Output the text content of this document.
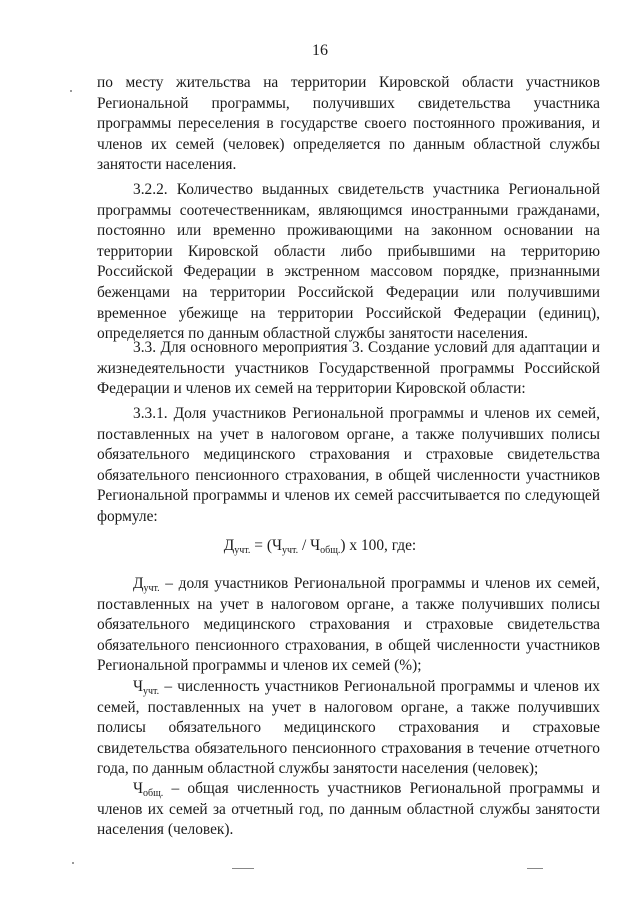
16
по месту жительства на территории Кировской области участников Региональной программы, получивших свидетельства участника программы переселения в государстве своего постоянного проживания, и членов их семей (человек) определяется по данным областной службы занятости населения.
3.2.2. Количество выданных свидетельств участника Региональной программы соотечественникам, являющимся иностранными гражданами, постоянно или временно проживающими на законном основании на территории Кировской области либо прибывшими на территорию Российской Федерации в экстренном массовом порядке, признанными беженцами на территории Российской Федерации или получившими временное убежище на территории Российской Федерации (единиц), определяется по данным областной службы занятости населения.
3.3. Для основного мероприятия 3. Создание условий для адаптации и жизнедеятельности участников Государственной программы Российской Федерации и членов их семей на территории Кировской области:
3.3.1. Доля участников Региональной программы и членов их семей, поставленных на учет в налоговом органе, а также получивших полисы обязательного медицинского страхования и страховые свидетельства обязательного пенсионного страхования, в общей численности участников Региональной программы и членов их семей рассчитывается по следующей формуле:
$Д_{учт.} = (Ч_{учт.} / Ч_{общ.})$ х 100, где:
$Д_{учт.}$ – доля участников Региональной программы и членов их семей, поставленных на учет в налоговом органе, а также получивших полисы обязательного медицинского страхования и страховые свидетельства обязательного пенсионного страхования, в общей численности участников Региональной программы и членов их семей (%);
$Ч_{учт.}$ – численность участников Региональной программы и членов их семей, поставленных на учет в налоговом органе, а также получивших полисы обязательного медицинского страхования и страховые свидетельства обязательного пенсионного страхования в течение отчетного года, по данным областной службы занятости населения (человек);
$Ч_{общ.}$ – общая численность участников Региональной программы и членов их семей за отчетный год, по данным областной службы занятости населения (человек).
